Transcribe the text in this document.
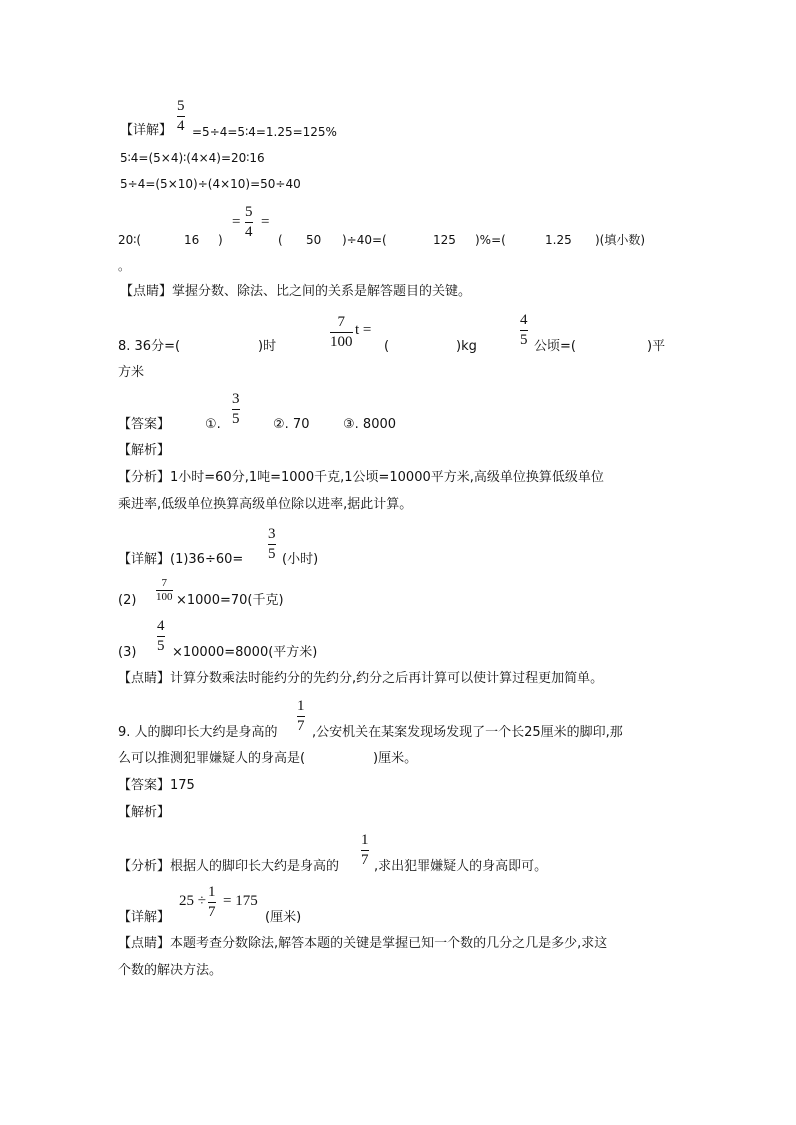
【详解】
5
4 =5÷4=5∶4=1.25=125%
5∶4=(5×4)∶(4×4)=20∶16
5÷4=(5×10)÷(4×10)=50÷40
20∶(	16 )
=
5
4
=
( 50 )÷40=(	125 )%=(	1.25 )(填小数)
。
【点睛】掌握分数、除法、比之间的关系是解答题目的关键。
8. 36分=(	)时
7
100
t =
(	)kg
4
5 公顷=(	)平
方米
【答案】	①.
3
5	②. 70	③. 8000
【解析】
【分析】1小时=60分,1吨=1000千克,1公顷=10000平方米,高级单位换算低级单位
乘进率,低级单位换算高级单位除以进率,据此计算。
【详解】(1)36÷60=
3
5 (小时)
(2)
7
100 ×1000=70(千克)
(3)
4
5 ×10000=8000(平方米)
【点睛】计算分数乘法时能约分的先约分,约分之后再计算可以使计算过程更加简单。
9. 人的脚印长大约是身高的
1
7 ,公安机关在某案发现场发现了一个长25厘米的脚印,那
么可以推测犯罪嫌疑人的身高是(	)厘米。
【答案】175
【解析】
【分析】根据人的脚印长大约是身高的
1
7 ,求出犯罪嫌疑人的身高即可。
【详解】
25 ÷
1
7
= 175
(厘米)
【点睛】本题考查分数除法,解答本题的关键是掌握已知一个数的几分之几是多少,求这
个数的解决方法。
